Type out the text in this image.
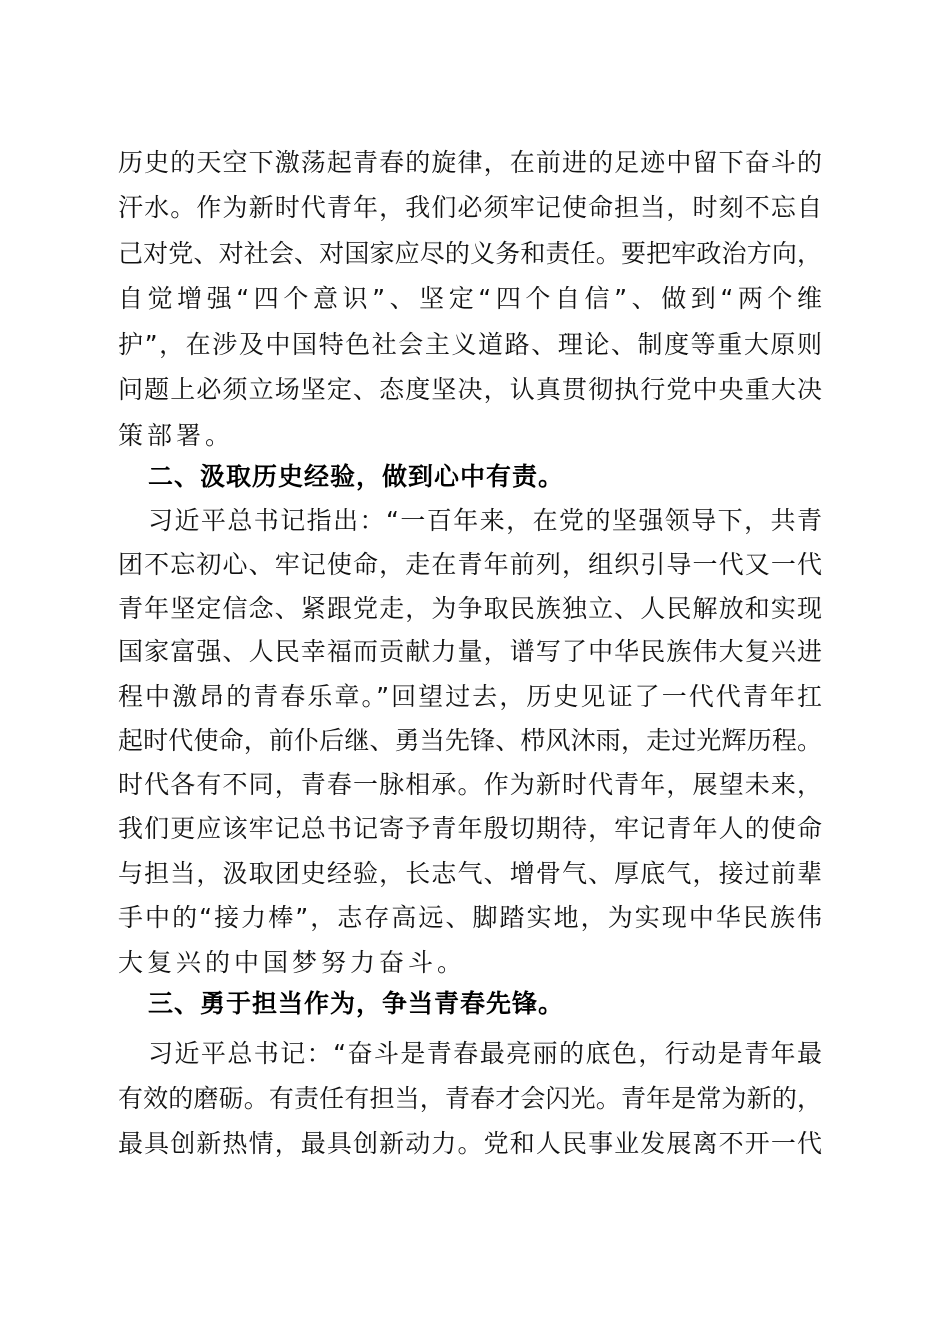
历史的天空下激荡起青春的旋律，在前进的足迹中留下奋斗的
汗水。作为新时代青年，我们必须牢记使命担当，时刻不忘自
己对党、对社会、对国家应尽的义务和责任。要把牢政治方向，
自觉增强“四个意识”、坚定“四个自信”、做到“两个维
护”，在涉及中国特色社会主义道路、理论、制度等重大原则
问题上必须立场坚定、态度坚决，认真贯彻执行党中央重大决
策部署。
二、汲取历史经验，做到心中有责。
习近平总书记指出：“一百年来，在党的坚强领导下，共青
团不忘初心、牢记使命，走在青年前列，组织引导一代又一代
青年坚定信念、紧跟党走，为争取民族独立、人民解放和实现
国家富强、人民幸福而贡献力量，谱写了中华民族伟大复兴进
程中激昂的青春乐章。”回望过去，历史见证了一代代青年扛
起时代使命，前仆后继、勇当先锋、栉风沐雨，走过光辉历程。
时代各有不同，青春一脉相承。作为新时代青年，展望未来，
我们更应该牢记总书记寄予青年殷切期待，牢记青年人的使命
与担当，汲取团史经验，长志气、增骨气、厚底气，接过前辈
手中的“接力棒”，志存高远、脚踏实地，为实现中华民族伟
大复兴的中国梦努力奋斗。
三、勇于担当作为，争当青春先锋。
习近平总书记：“奋斗是青春最亮丽的底色，行动是青年最
有效的磨砺。有责任有担当，青春才会闪光。青年是常为新的，
最具创新热情，最具创新动力。党和人民事业发展离不开一代
